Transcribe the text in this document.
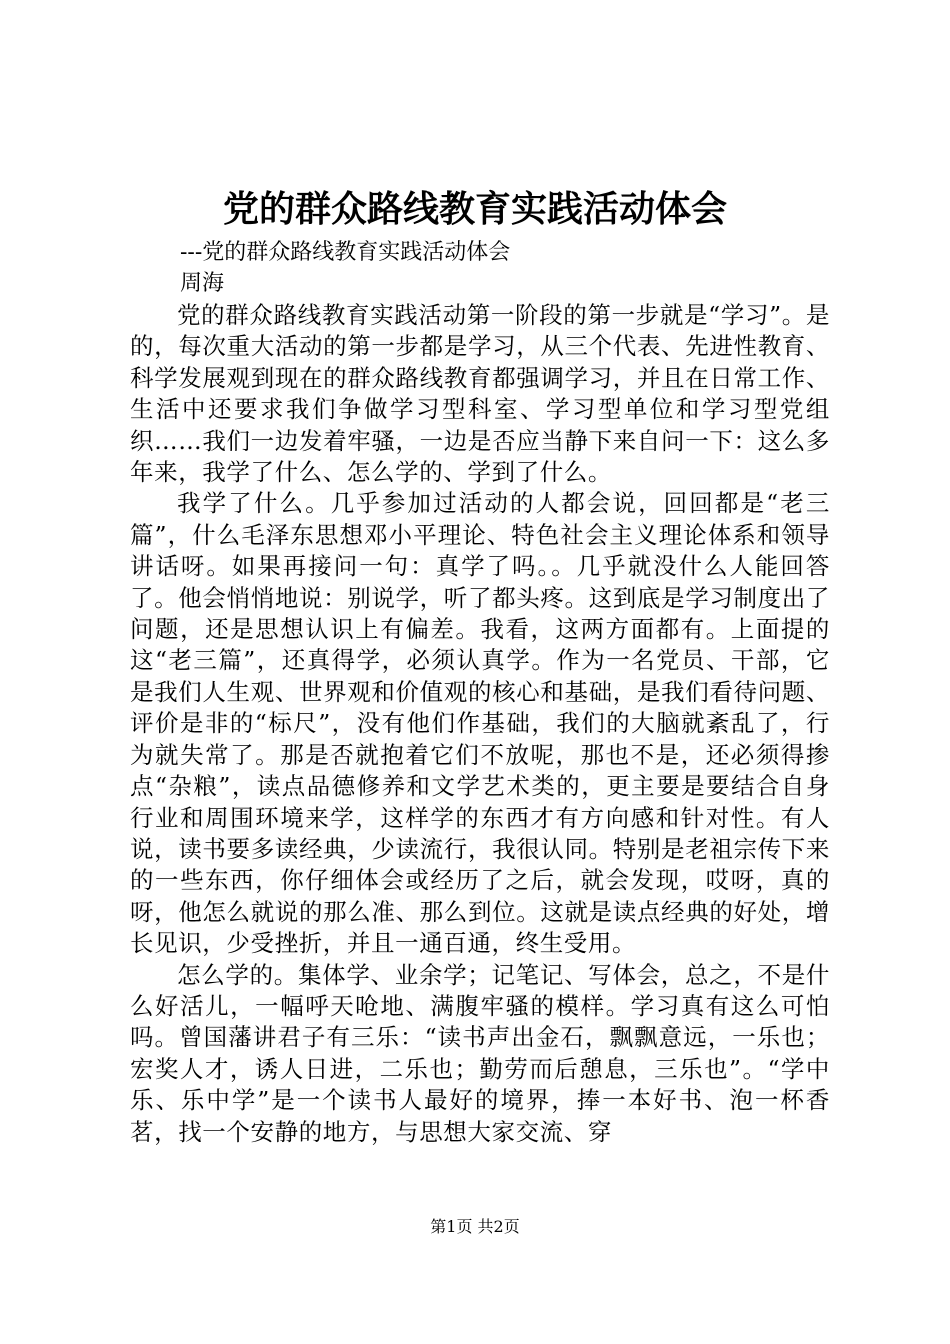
党的群众路线教育实践活动体会

---党的群众路线教育实践活动体会

周海

党的群众路线教育实践活动第一阶段的第一步就是“学习”。是的，每次重大活动的第一步都是学习，从三个代表、先进性教育、科学发展观到现在的群众路线教育都强调学习，并且在日常工作、生活中还要求我们争做学习型科室、学习型单位和学习型党组织……我们一边发着牢骚，一边是否应当静下来自问一下：这么多年来，我学了什么、怎么学的、学到了什么。

我学了什么。几乎参加过活动的人都会说，回回都是“老三篇”，什么毛泽东思想邓小平理论、特色社会主义理论体系和领导讲话呀。如果再接问一句：真学了吗。。几乎就没什么人能回答了。他会悄悄地说：别说学，听了都头疼。这到底是学习制度出了问题，还是思想认识上有偏差。我看，这两方面都有。上面提的这“老三篇”，还真得学，必须认真学。作为一名党员、干部，它是我们人生观、世界观和价值观的核心和基础，是我们看待问题、评价是非的“标尺”，没有他们作基础，我们的大脑就紊乱了，行为就失常了。那是否就抱着它们不放呢，那也不是，还必须得掺点“杂粮”，读点品德修养和文学艺术类的，更主要是要结合自身行业和周围环境来学，这样学的东西才有方向感和针对性。有人说，读书要多读经典，少读流行，我很认同。特别是老祖宗传下来的一些东西，你仔细体会或经历了之后，就会发现，哎呀，真的呀，他怎么就说的那么准、那么到位。这就是读点经典的好处，增长见识，少受挫折，并且一通百通，终生受用。

怎么学的。集体学、业余学；记笔记、写体会，总之，不是什么好活儿，一幅呼天呛地、满腹牢骚的模样。学习真有这么可怕吗。曾国藩讲君子有三乐：“读书声出金石，飘飘意远，一乐也；宏奖人才，诱人日进，二乐也；勤劳而后憩息，三乐也”。“学中乐、乐中学”是一个读书人最好的境界，捧一本好书、泡一杯香茗，找一个安静的地方，与思想大家交流、穿

第1页 共2页
